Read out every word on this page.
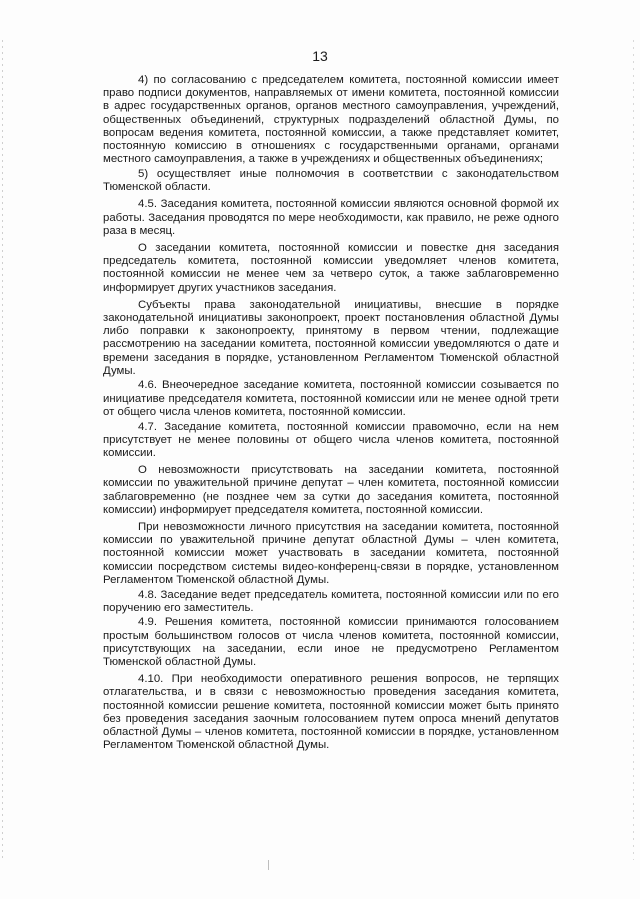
13

4) по согласованию с председателем комитета, постоянной комиссии имеет право подписи документов, направляемых от имени комитета, постоянной комиссии в адрес государственных органов, органов местного самоуправления, учреждений, общественных объединений, структурных подразделений областной Думы, по вопросам ведения комитета, постоянной комиссии, а также представляет комитет, постоянную комиссию в отношениях с государственными органами, органами местного самоуправления, а также в учреждениях и общественных объединениях;

5) осуществляет иные полномочия в соответствии с законодательством Тюменской области.

4.5. Заседания комитета, постоянной комиссии являются основной формой их работы. Заседания проводятся по мере необходимости, как правило, не реже одного раза в месяц.

О заседании комитета, постоянной комиссии и повестке дня заседания председатель комитета, постоянной комиссии уведомляет членов комитета, постоянной комиссии не менее чем за четверо суток, а также заблаговременно информирует других участников заседания.

Субъекты права законодательной инициативы, внесшие в порядке законодательной инициативы законопроект, проект постановления областной Думы либо поправки к законопроекту, принятому в первом чтении, подлежащие рассмотрению на заседании комитета, постоянной комиссии уведомляются о дате и времени заседания в порядке, установленном Регламентом Тюменской областной Думы.

4.6. Внеочередное заседание комитета, постоянной комиссии созывается по инициативе председателя комитета, постоянной комиссии или не менее одной трети от общего числа членов комитета, постоянной комиссии.

4.7. Заседание комитета, постоянной комиссии правомочно, если на нем присутствует не менее половины от общего числа членов комитета, постоянной комиссии.

О невозможности присутствовать на заседании комитета, постоянной комиссии по уважительной причине депутат – член комитета, постоянной комиссии заблаговременно (не позднее чем за сутки до заседания комитета, постоянной комиссии) информирует председателя комитета, постоянной комиссии.

При невозможности личного присутствия на заседании комитета, постоянной комиссии по уважительной причине депутат областной Думы – член комитета, постоянной комиссии может участвовать в заседании комитета, постоянной комиссии посредством системы видео-конференц-связи в порядке, установленном Регламентом Тюменской областной Думы.

4.8. Заседание ведет председатель комитета, постоянной комиссии или по его поручению его заместитель.

4.9. Решения комитета, постоянной комиссии принимаются голосованием простым большинством голосов от числа членов комитета, постоянной комиссии, присутствующих на заседании, если иное не предусмотрено Регламентом Тюменской областной Думы.

4.10. При необходимости оперативного решения вопросов, не терпящих отлагательства, и в связи с невозможностью проведения заседания комитета, постоянной комиссии решение комитета, постоянной комиссии может быть принято без проведения заседания заочным голосованием путем опроса мнений депутатов областной Думы – членов комитета, постоянной комиссии в порядке, установленном Регламентом Тюменской областной Думы.
